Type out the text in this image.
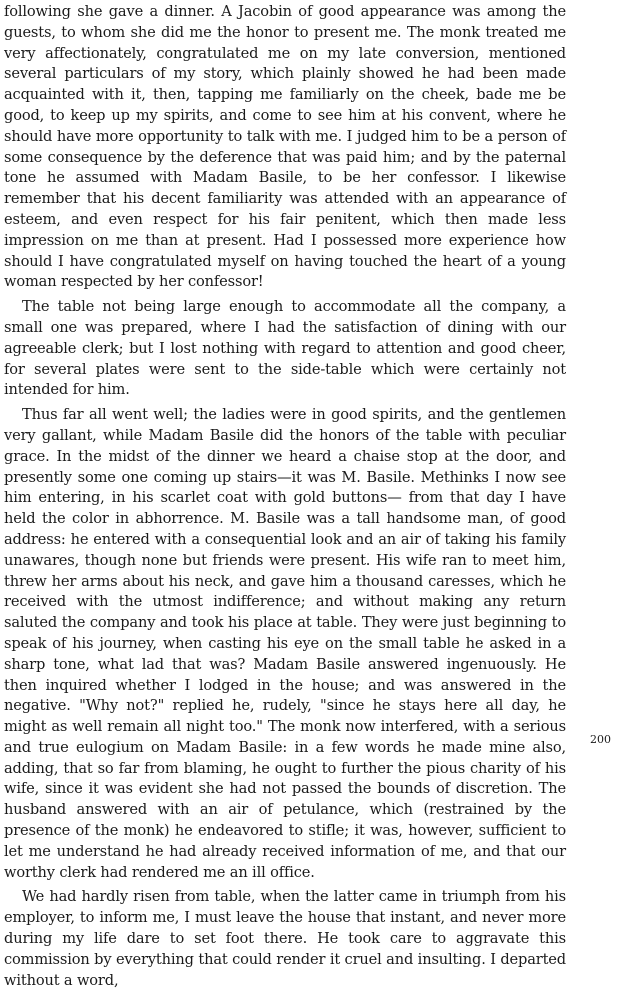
following she gave a dinner. A Jacobin of good appearance was among the guests, to whom she did me the honor to present me. The monk treated me very affectionately, congratulated me on my late conversion, mentioned several particulars of my story, which plainly showed he had been made acquainted with it, then, tapping me familiarly on the cheek, bade me be good, to keep up my spirits, and come to see him at his convent, where he should have more opportunity to talk with me. I judged him to be a person of some consequence by the deference that was paid him; and by the paternal tone he assumed with Madam Basile, to be her confessor. I likewise remember that his decent familiarity was attended with an appearance of esteem, and even respect for his fair penitent, which then made less impression on me than at present. Had I possessed more experience how should I have congratulated myself on having touched the heart of a young woman respected by her confessor!

The table not being large enough to accommodate all the company, a small one was prepared, where I had the satisfaction of dining with our agreeable clerk; but I lost nothing with regard to attention and good cheer, for several plates were sent to the side-table which were certainly not intended for him.

Thus far all went well; the ladies were in good spirits, and the gentlemen very gallant, while Madam Basile did the honors of the table with peculiar grace. In the midst of the dinner we heard a chaise stop at the door, and presently some one coming up stairs—it was M. Basile. Methinks I now see him entering, in his scarlet coat with gold buttons— from that day I have held the color in abhorrence. M. Basile was a tall handsome man, of good address: he entered with a consequential look and an air of taking his family unawares, though none but friends were present. His wife ran to meet him, threw her arms about his neck, and gave him a thousand caresses, which he received with the utmost indifference; and without making any return saluted the company and took his place at table. They were just beginning to speak of his journey, when casting his eye on the small table he asked in a sharp tone, what lad that was? Madam Basile answered ingenuously. He then inquired whether I lodged in the house; and was answered in the negative. "Why not?" replied he, rudely, "since he stays here all day, he might as well remain all night too." The monk now interfered, with a serious and true eulogium on Madam Basile: in a few words he made mine also, adding, that so far from blaming, he ought to further the pious charity of his wife, since it was evident she had not passed the bounds of discretion. The husband answered with an air of petulance, which (restrained by the presence of the monk) he endeavored to stifle; it was, however, sufficient to let me understand he had already received information of me, and that our worthy clerk had rendered me an ill office.

We had hardly risen from table, when the latter came in triumph from his employer, to inform me, I must leave the house that instant, and never more during my life dare to set foot there. He took care to aggravate this commission by everything that could render it cruel and insulting. I departed without a word,

200
